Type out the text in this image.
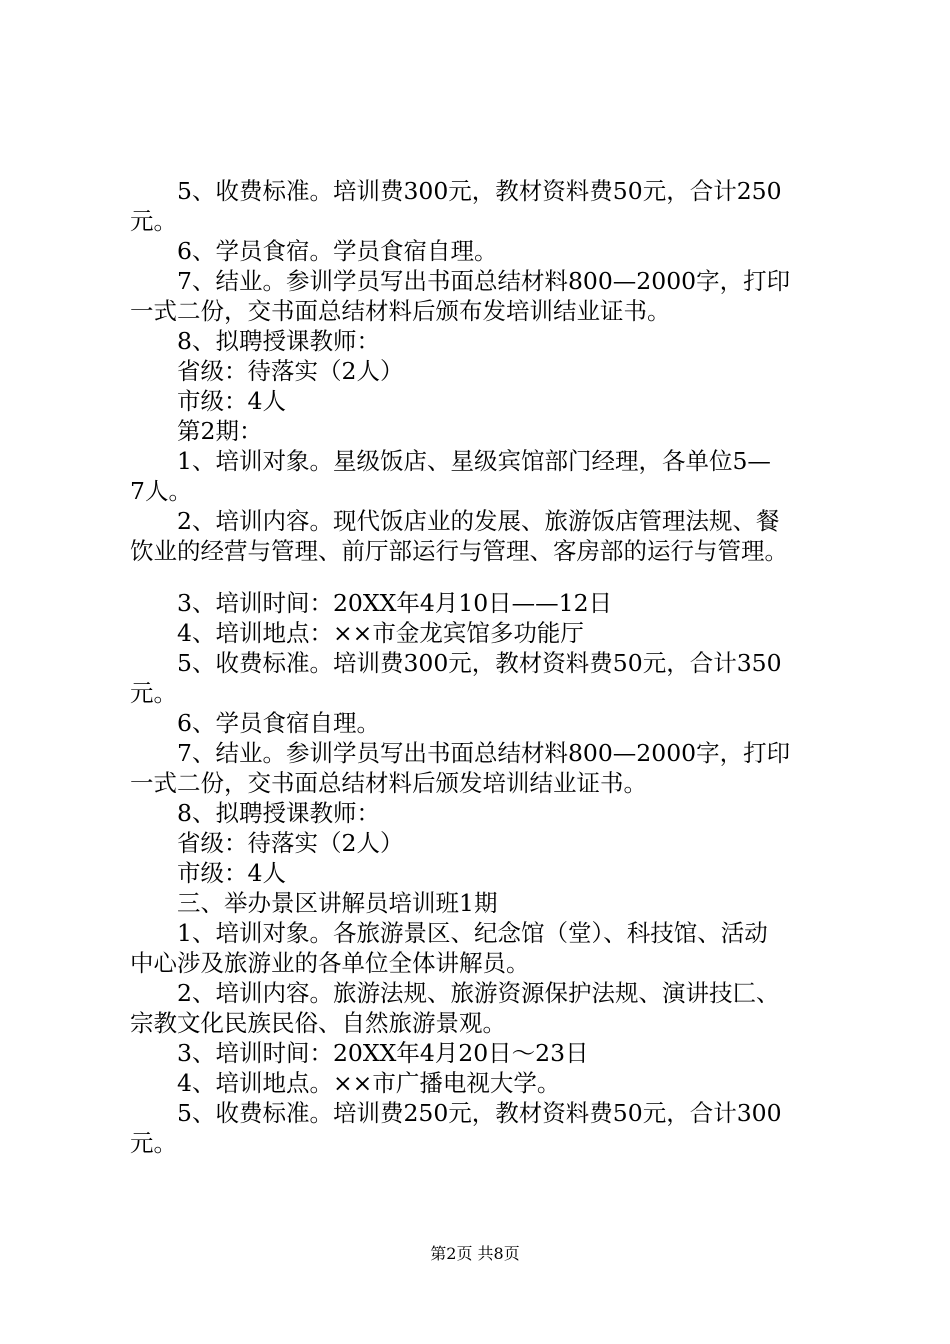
5、收费标准。培训费300元，教材资料费50元，合计250

元。

6、学员食宿。学员食宿自理。

7、结业。参训学员写出书面总结材料800—2000字，打印

一式二份，交书面总结材料后颁布发培训结业证书。

8、拟聘授课教师：

省级：待落实（2人）

市级：4人

第2期：

1、培训对象。星级饭店、星级宾馆部门经理，各单位5—

7人。

2、培训内容。现代饭店业的发展、旅游饭店管理法规、餐

饮业的经营与管理、前厅部运行与管理、客房部的运行与管理。

3、培训时间：20XX年4月10日——12日

4、培训地点：××市金龙宾馆多功能厅

5、收费标准。培训费300元，教材资料费50元，合计350

元。

6、学员食宿自理。

7、结业。参训学员写出书面总结材料800—2000字，打印

一式二份，交书面总结材料后颁发培训结业证书。

8、拟聘授课教师：

省级：待落实（2人）

市级：4人

三、举办景区讲解员培训班1期

1、培训对象。各旅游景区、纪念馆（堂）、科技馆、活动

中心涉及旅游业的各单位全体讲解员。

2、培训内容。旅游法规、旅游资源保护法规、演讲技匚、

宗教文化民族民俗、自然旅游景观。

3、培训时间：20XX年4月20日～23日

4、培训地点。××市广播电视大学。

5、收费标准。培训费250元，教材资料费50元，合计300

元。

第2页 共8页
